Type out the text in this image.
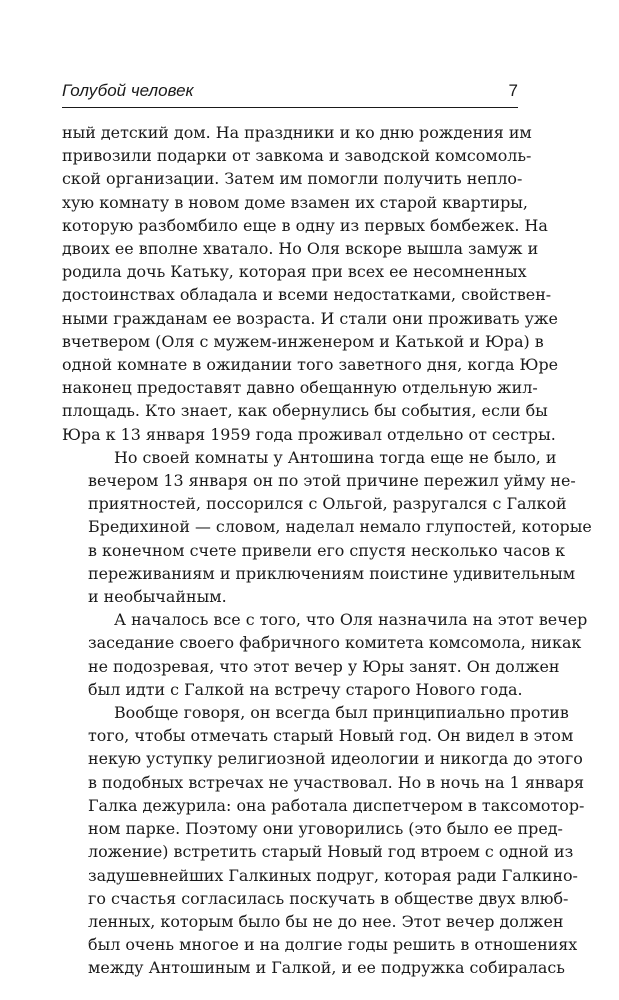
Голубой человек	7
ный детский дом. На праздники и ко дню рождения им
привозили подарки от завкома и заводской комсомоль-
ской организации. Затем им помогли получить неплo-
хую комнату в новом доме взамен их старой квартиры,
которую разбомбило еще в одну из первых бомбежек. На
двоих ее вполне хватало. Но Оля вскоре вышла замуж и
родила дочь Катьку, которая при всех ее несомненных
достоинствах обладала и всеми недостатками, свойствен-
ными гражданам ее возраста. И стали они проживать уже
вчетвером (Оля с мужем-инженером и Катькой и Юра) в
одной комнате в ожидании того заветного дня, когда Юре
наконец предоставят давно обещанную отдельную жил-
площадь. Кто знает, как обернулись бы события, если бы
Юра к 13 января 1959 года проживал отдельно от сестры.
Но своей комнаты у Антошина тогда еще не было, и
вечером 13 января он по этой причине пережил уйму не-
приятностей, поссорился с Ольгой, разругался с Галкой
Бредихиной — словом, наделал немало глупостей, которые
в конечном счете привели его спустя несколько часов к
переживаниям и приключениям поистине удивительным
и необычайным.
А началось все с того, что Оля назначила на этот вечер
заседание своего фабричного комитета комсомола, никак
не подозревая, что этот вечер у Юры занят. Он должен
был идти с Галкой на встречу старого Нового года.
Вообще говоря, он всегда был принципиально против
того, чтобы отмечать старый Новый год. Он видел в этом
некую уступку религиозной идеологии и никогда до этого
в подобных встречах не участвовал. Но в ночь на 1 января
Галка дежурила: она работала диспетчером в таксомотор-
ном парке. Поэтому они уговорились (это было ее пред-
ложение) встретить старый Новый год втроем с одной из
задушевнейших Галкиных подруг, которая ради Галкино-
го счастья согласилась поскучать в обществе двух влюб-
ленных, которым было бы не до нее. Этот вечер должен
был очень многое и на долгие годы решить в отношениях
между Антошиным и Галкой, и ее подружка собиралась
